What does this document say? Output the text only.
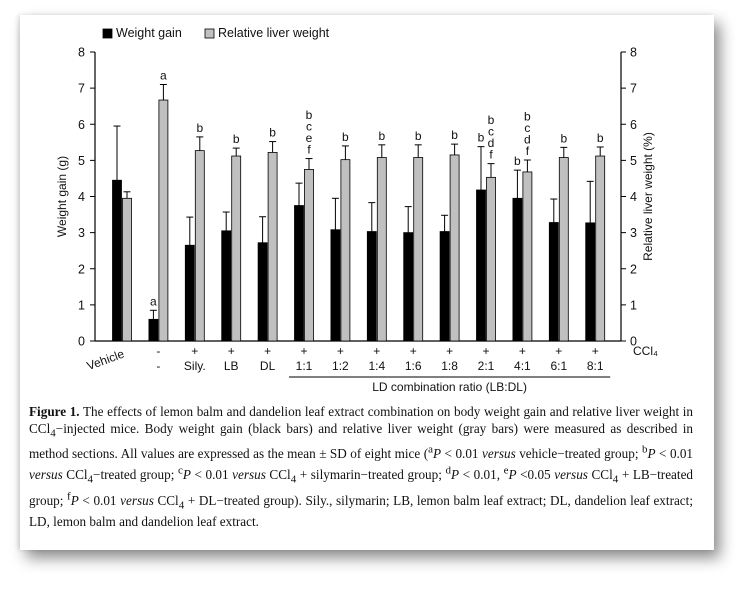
0	0
1	1
2	2
3	3
4	4
5	5
6	6
7	7
8	8
Weight gain (g)	Relative liver weight (%)
a
b
a
b
b b
b
c
e
f
b b b b
b
c
d
f
b
c
d
f
b b
b
-	+ + + + + + + + + + + +	CCl₄
Vehicle	- Sily. LB DL 1:1 1:2 1:4 1:6 1:8 2:1 4:1 6:1 8:1
LD combination ratio (LB:DL)
Weight gain	Relative liver weight
Figure 1. The effects of lemon balm and dandelion leaf extract combination on body weight gain and relative liver weight in CCl$_4$−injected mice. Body weight gain (black bars) and relative liver weight (gray bars) were measured as described in method sections. All values are expressed as the mean ± SD of eight mice ($^a$P < 0.01 versus vehicle−treated group; $^b$P < 0.01 versus CCl$_4$−treated group; $^c$P < 0.01 versus CCl$_4$ + silymarin−treated group; $^d$P < 0.01, $^e$P <0.05 versus CCl$_4$ + LB−treated group; $^f$P < 0.01 versus CCl$_4$ + DL−treated group). Sily., silymarin; LB, lemon balm leaf extract; DL, dandelion leaf extract; LD, lemon balm and dandelion leaf extract.
